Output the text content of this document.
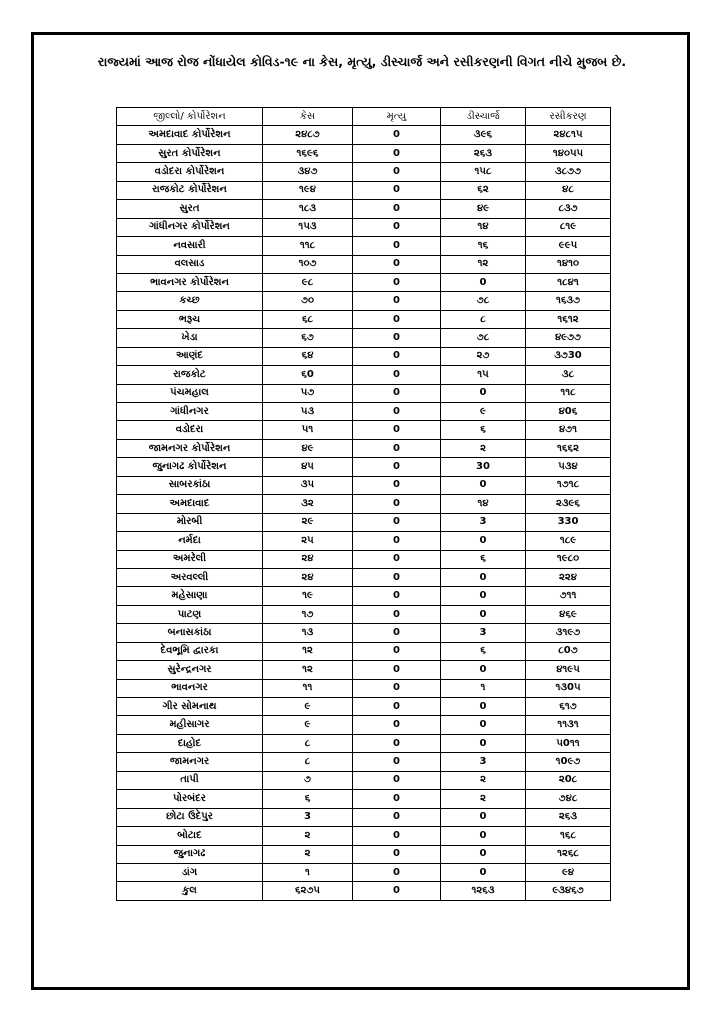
રાજ્યમાં આજ રોજ નોંધાયેલ કોવિડ-૧૯ ના કેસ, મૃત્યુ, ડીસ્ચાર્જ અને રસીકરણની વિગત નીચે મુજબ છે.
જીલ્લો/ કોર્પોરેશન	કેસ	મૃત્યુ	ડીસ્ચાર્જ	રસીકરણ
અમદાવાદ કોર્પોરેશન	૨૪૮૭	0	૩૯૬	૨૪૮૧૫
સુરત કોર્પોરેશન	૧૬૯૬	0	૨૬૩	૧૪૦૫૫
વડોદરા કોર્પોરેશન	૩૪૭	0	૧૫૮	૩૮૭૭
રાજકોટ કોર્પોરેશન	૧૯૪	0	૬૨	૪૮
સુરત	૧૮૩	0	૪૯	૮૩૭
ગાંધીનગર કોર્પોરેશન	૧૫૩	0	૧૪	૮૧૯
નવસારી	૧૧૮	0	૧૬	૯૯૫
વલસાડ	૧૦૭	0	૧૨	૧૪૧૦
ભાવનગર કોર્પોરેશન	૯૮	0	0	૧૮૪૧
કચ્છ	૭૦	0	૭૮	૧૬૩૭
ભરૂચ	૬૮	0	૮	૧૬૧૨
ખેડા	૬૭	0	૭૮	૪૯૭૭
આણંદ	૬૪	0	૨૭	૩૭30
રાજકોટ	૬0	0	૧૫	૩૮
પંચમહાલ	૫૭	0	0	૧૧૮
ગાંધીનગર	૫૩	0	૯	૪0૬
વડોદરા	૫૧	0	૬	૪૭૧
જામનગર કોર્પોરેશન	૪૯	0	૨	૧૬૬૨
જુનાગઢ કોર્પોરેશન	૪૫	0	30	૫૩૪
સાબરકાંઠા	૩૫	0	0	૧૭૧૮
અમદાવાદ	૩૨	0	૧૪	૨૩૯૬
મોરબી	૨૯	0	3	330
નર્મદા	૨૫	0	0	૧૮૯
અમરેલી	૨૪	0	૬	૧૯૮૦
અરવલ્લી	૨૪	0	0	૨૨૪
મહેસાણા	૧૯	0	0	૭૧૧
પાટણ	૧૭	0	0	૪૬૯
બનાસકાંઠા	૧૩	0	3	૩૧૯૭
દેવભૂમિ દ્વારકા	૧૨	0	૬	૮0૭
સુરેન્દ્રનગર	૧૨	0	0	૪૧૯૫
ભાવનગર	૧૧	0	૧	૧૩0૫
ગીર સોમનાથ	૯	0	0	૬૧૭
મહીસાગર	૯	0	0	૧૧૩૧
દાહોદ	૮	0	0	૫0૧૧
જામનગર	૮	0	3	૧0૯૭
તાપી	૭	0	૨	૨0૮
પોરબંદર	૬	0	૨	૭૪૮
છોટા ઉદેપુર	3	0	0	૨૬૩
બોટાદ	૨	0	0	૧૬૮
જુનાગઢ	૨	0	0	૧૨૬૮
ડાંગ	૧	0	0	૯૪
કુલ	૬૨૭૫	0	૧૨૬૩	૯૩૪૬૭
